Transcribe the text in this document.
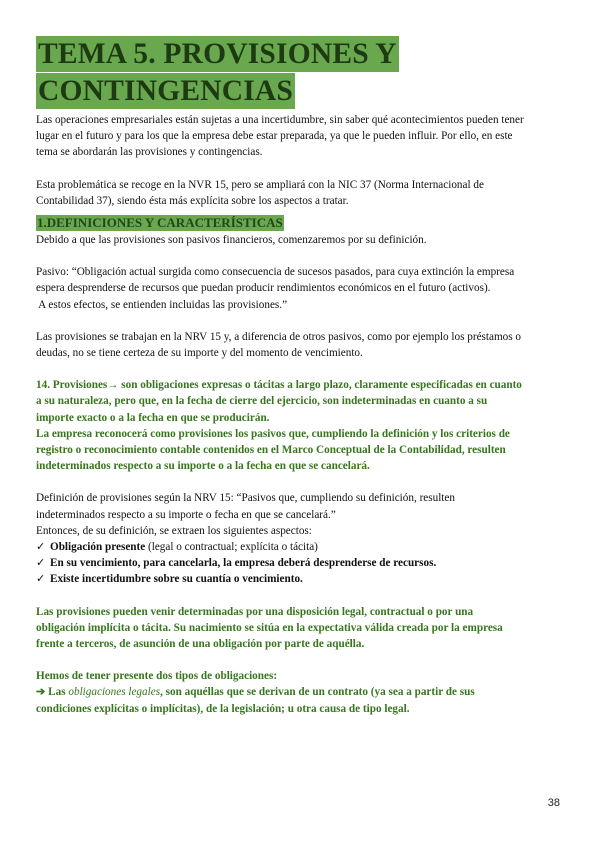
TEMA 5. PROVISIONES Y
CONTINGENCIAS

Las operaciones empresariales están sujetas a una incertidumbre, sin saber qué acontecimientos pueden tener

lugar en el futuro y para los que la empresa debe estar preparada, ya que le pueden influir. Por ello, en este

tema se abordarán las provisiones y contingencias.

Esta problemática se recoge en la NVR 15, pero se ampliará con la NIC 37 (Norma Internacional de

Contabilidad 37), siendo ésta más explícita sobre los aspectos a tratar.

1.DEFINICIONES Y CARACTERÍSTICAS

Debido a que las provisiones son pasivos financieros, comenzaremos por su definición.

Pasivo: “Obligación actual surgida como consecuencia de sucesos pasados, para cuya extinción la empresa

espera desprenderse de recursos que puedan producir rendimientos económicos en el futuro (activos).

A estos efectos, se entienden incluidas las provisiones.”

Las provisiones se trabajan en la NRV 15 y, a diferencia de otros pasivos, como por ejemplo los préstamos o

deudas, no se tiene certeza de su importe y del momento de vencimiento.

14. Provisiones→ son obligaciones expresas o tácitas a largo plazo, claramente especificadas en cuanto

a su naturaleza, pero que, en la fecha de cierre del ejercicio, son indeterminadas en cuanto a su

importe exacto o a la fecha en que se producirán.

La empresa reconocerá como provisiones los pasivos que, cumpliendo la definición y los criterios de

registro o reconocimiento contable contenidos en el Marco Conceptual de la Contabilidad, resulten

indeterminados respecto a su importe o a la fecha en que se cancelará.

Definición de provisiones según la NRV 15: “Pasivos que, cumpliendo su definición, resulten

indeterminados respecto a su importe o fecha en que se cancelará.”

Entonces, de su definición, se extraen los siguientes aspectos:

✓ Obligación presente (legal o contractual; explícita o tácita)

✓ En su vencimiento, para cancelarla, la empresa deberá desprenderse de recursos.

✓ Existe incertidumbre sobre su cuantía o vencimiento.

Las provisiones pueden venir determinadas por una disposición legal, contractual o por una

obligación implícita o tácita. Su nacimiento se sitúa en la expectativa válida creada por la empresa

frente a terceros, de asunción de una obligación por parte de aquélla.

Hemos de tener presente dos tipos de obligaciones:

➔ Las obligaciones legales, son aquéllas que se derivan de un contrato (ya sea a partir de sus

condiciones explícitas o implícitas), de la legislación; u otra causa de tipo legal.

38
